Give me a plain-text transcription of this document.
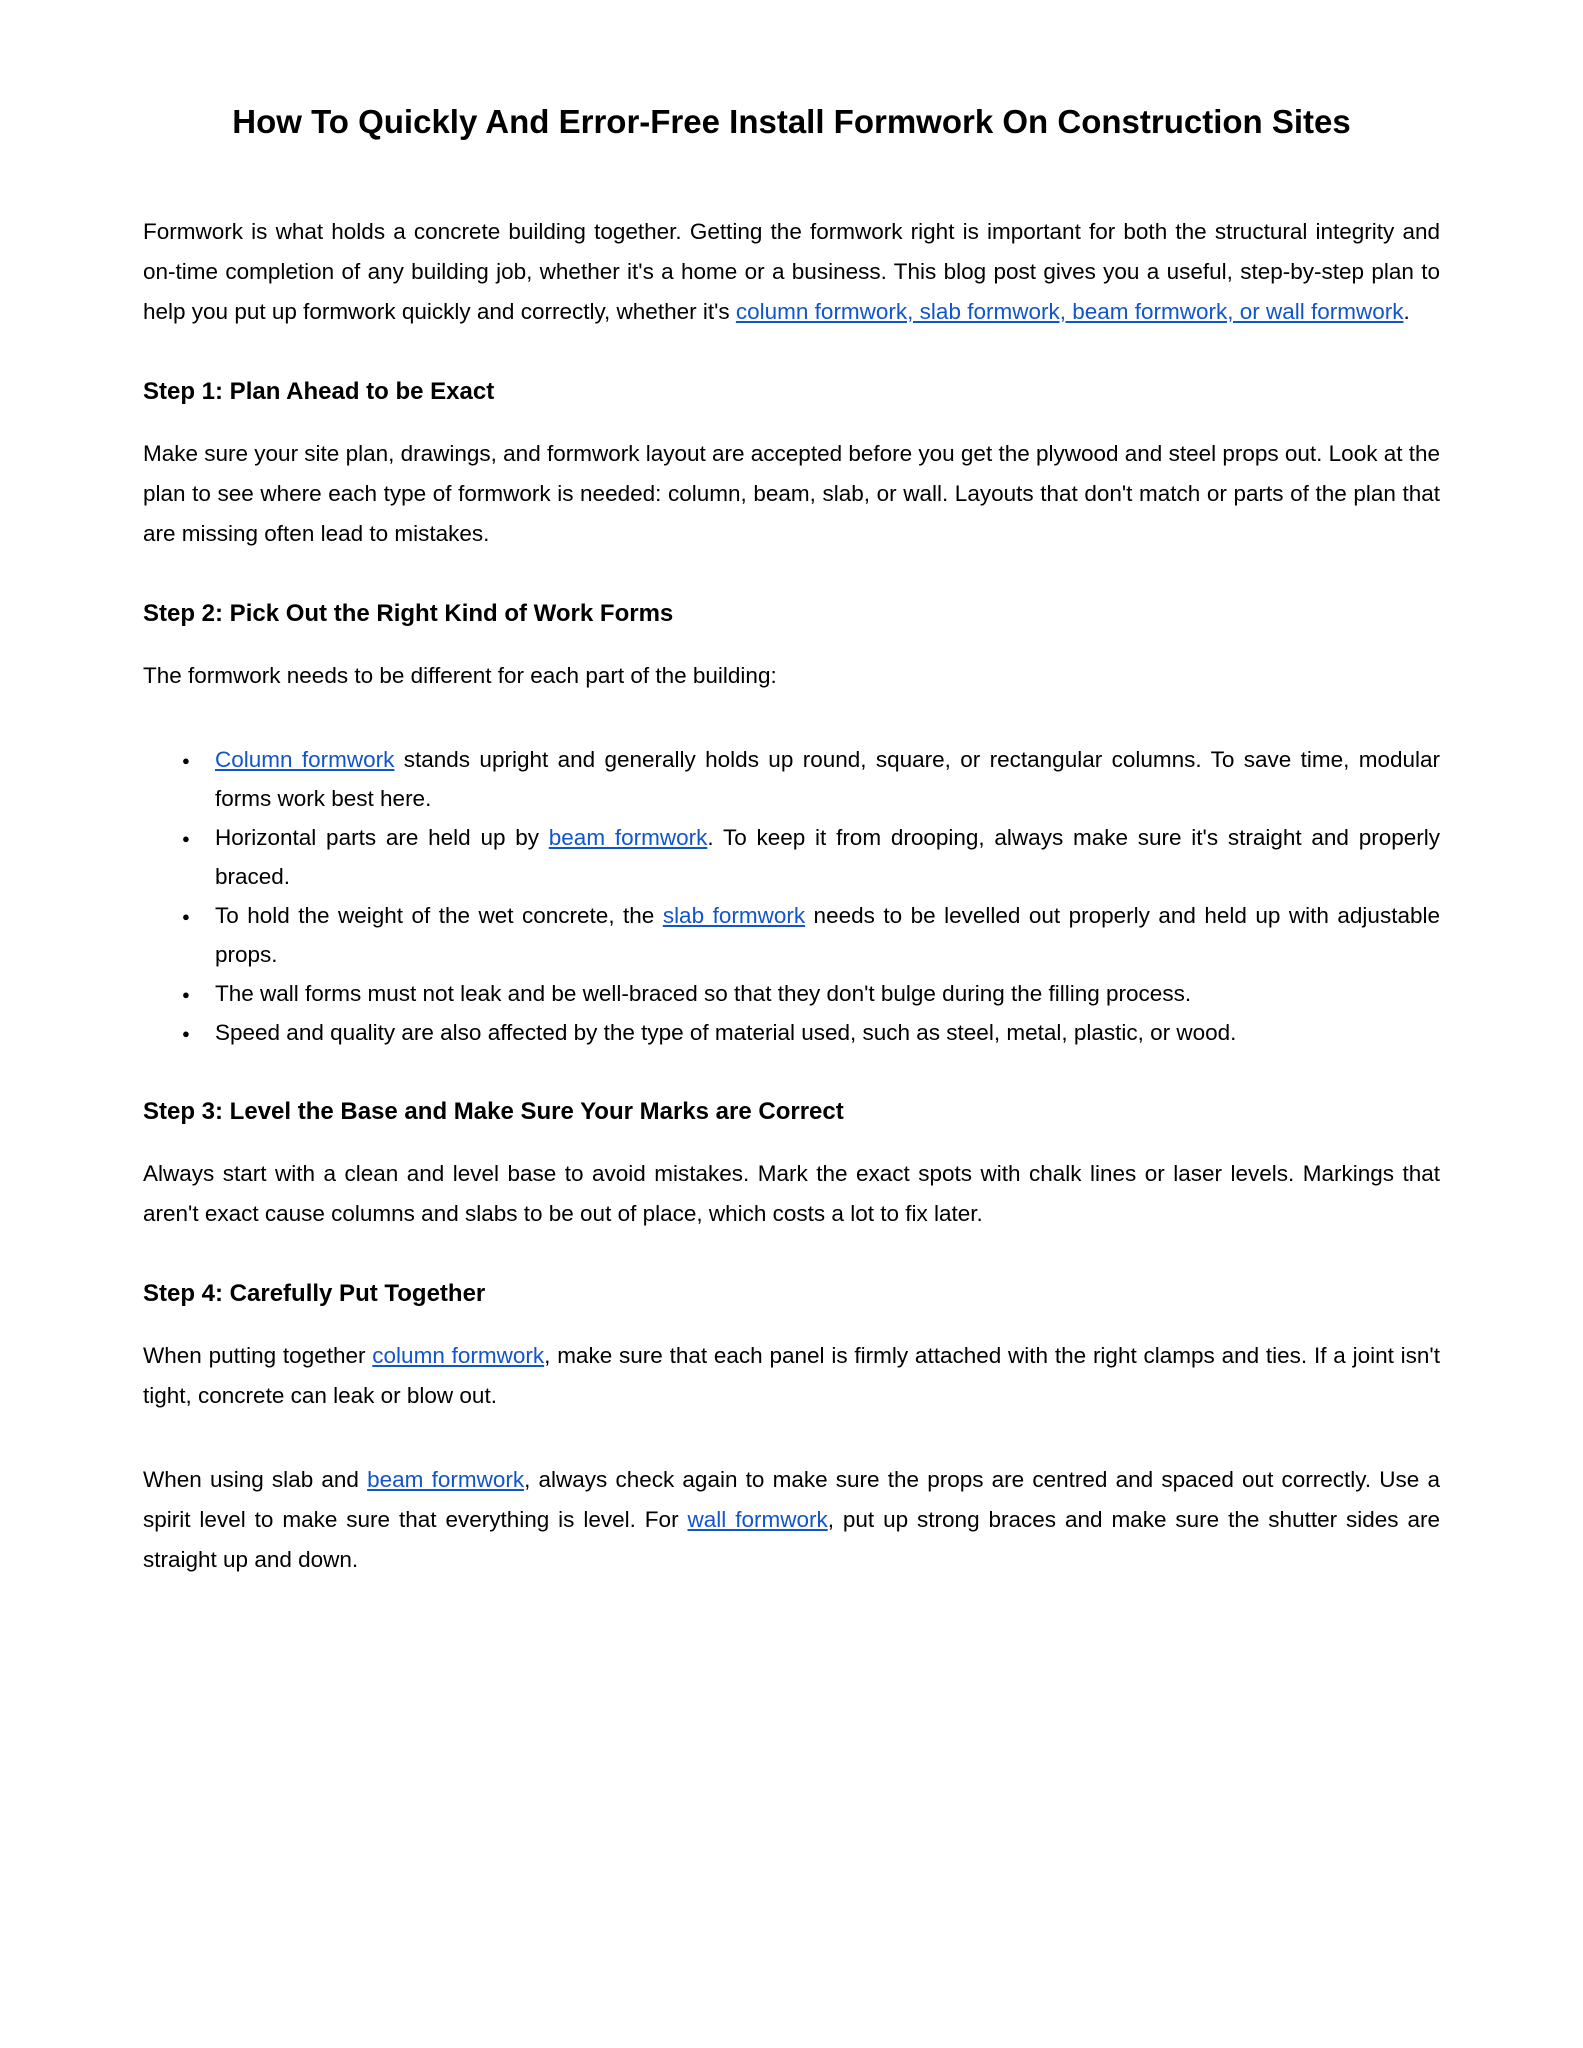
How To Quickly And Error-Free Install Formwork On Construction Sites

Formwork is what holds a concrete building together. Getting the formwork right is important for both the structural integrity and on-time completion of any building job, whether it's a home or a business. This blog post gives you a useful, step-by-step plan to help you put up formwork quickly and correctly, whether it's column formwork, slab formwork, beam formwork, or wall formwork.

Step 1: Plan Ahead to be Exact

Make sure your site plan, drawings, and formwork layout are accepted before you get the plywood and steel props out. Look at the plan to see where each type of formwork is needed: column, beam, slab, or wall. Layouts that don't match or parts of the plan that are missing often lead to mistakes.

Step 2: Pick Out the Right Kind of Work Forms

The formwork needs to be different for each part of the building:

● Column formwork stands upright and generally holds up round, square, or rectangular columns. To save time, modular forms work best here.
● Horizontal parts are held up by beam formwork. To keep it from drooping, always make sure it's straight and properly braced.
● To hold the weight of the wet concrete, the slab formwork needs to be levelled out properly and held up with adjustable props.
● The wall forms must not leak and be well-braced so that they don't bulge during the filling process.
● Speed and quality are also affected by the type of material used, such as steel, metal, plastic, or wood.
Step 3: Level the Base and Make Sure Your Marks are Correct

Always start with a clean and level base to avoid mistakes. Mark the exact spots with chalk lines or laser levels. Markings that aren't exact cause columns and slabs to be out of place, which costs a lot to fix later.

Step 4: Carefully Put Together

When putting together column formwork, make sure that each panel is firmly attached with the right clamps and ties. If a joint isn't tight, concrete can leak or blow out.

When using slab and beam formwork, always check again to make sure the props are centred and spaced out correctly. Use a spirit level to make sure that everything is level. For wall formwork, put up strong braces and make sure the shutter sides are straight up and down.
